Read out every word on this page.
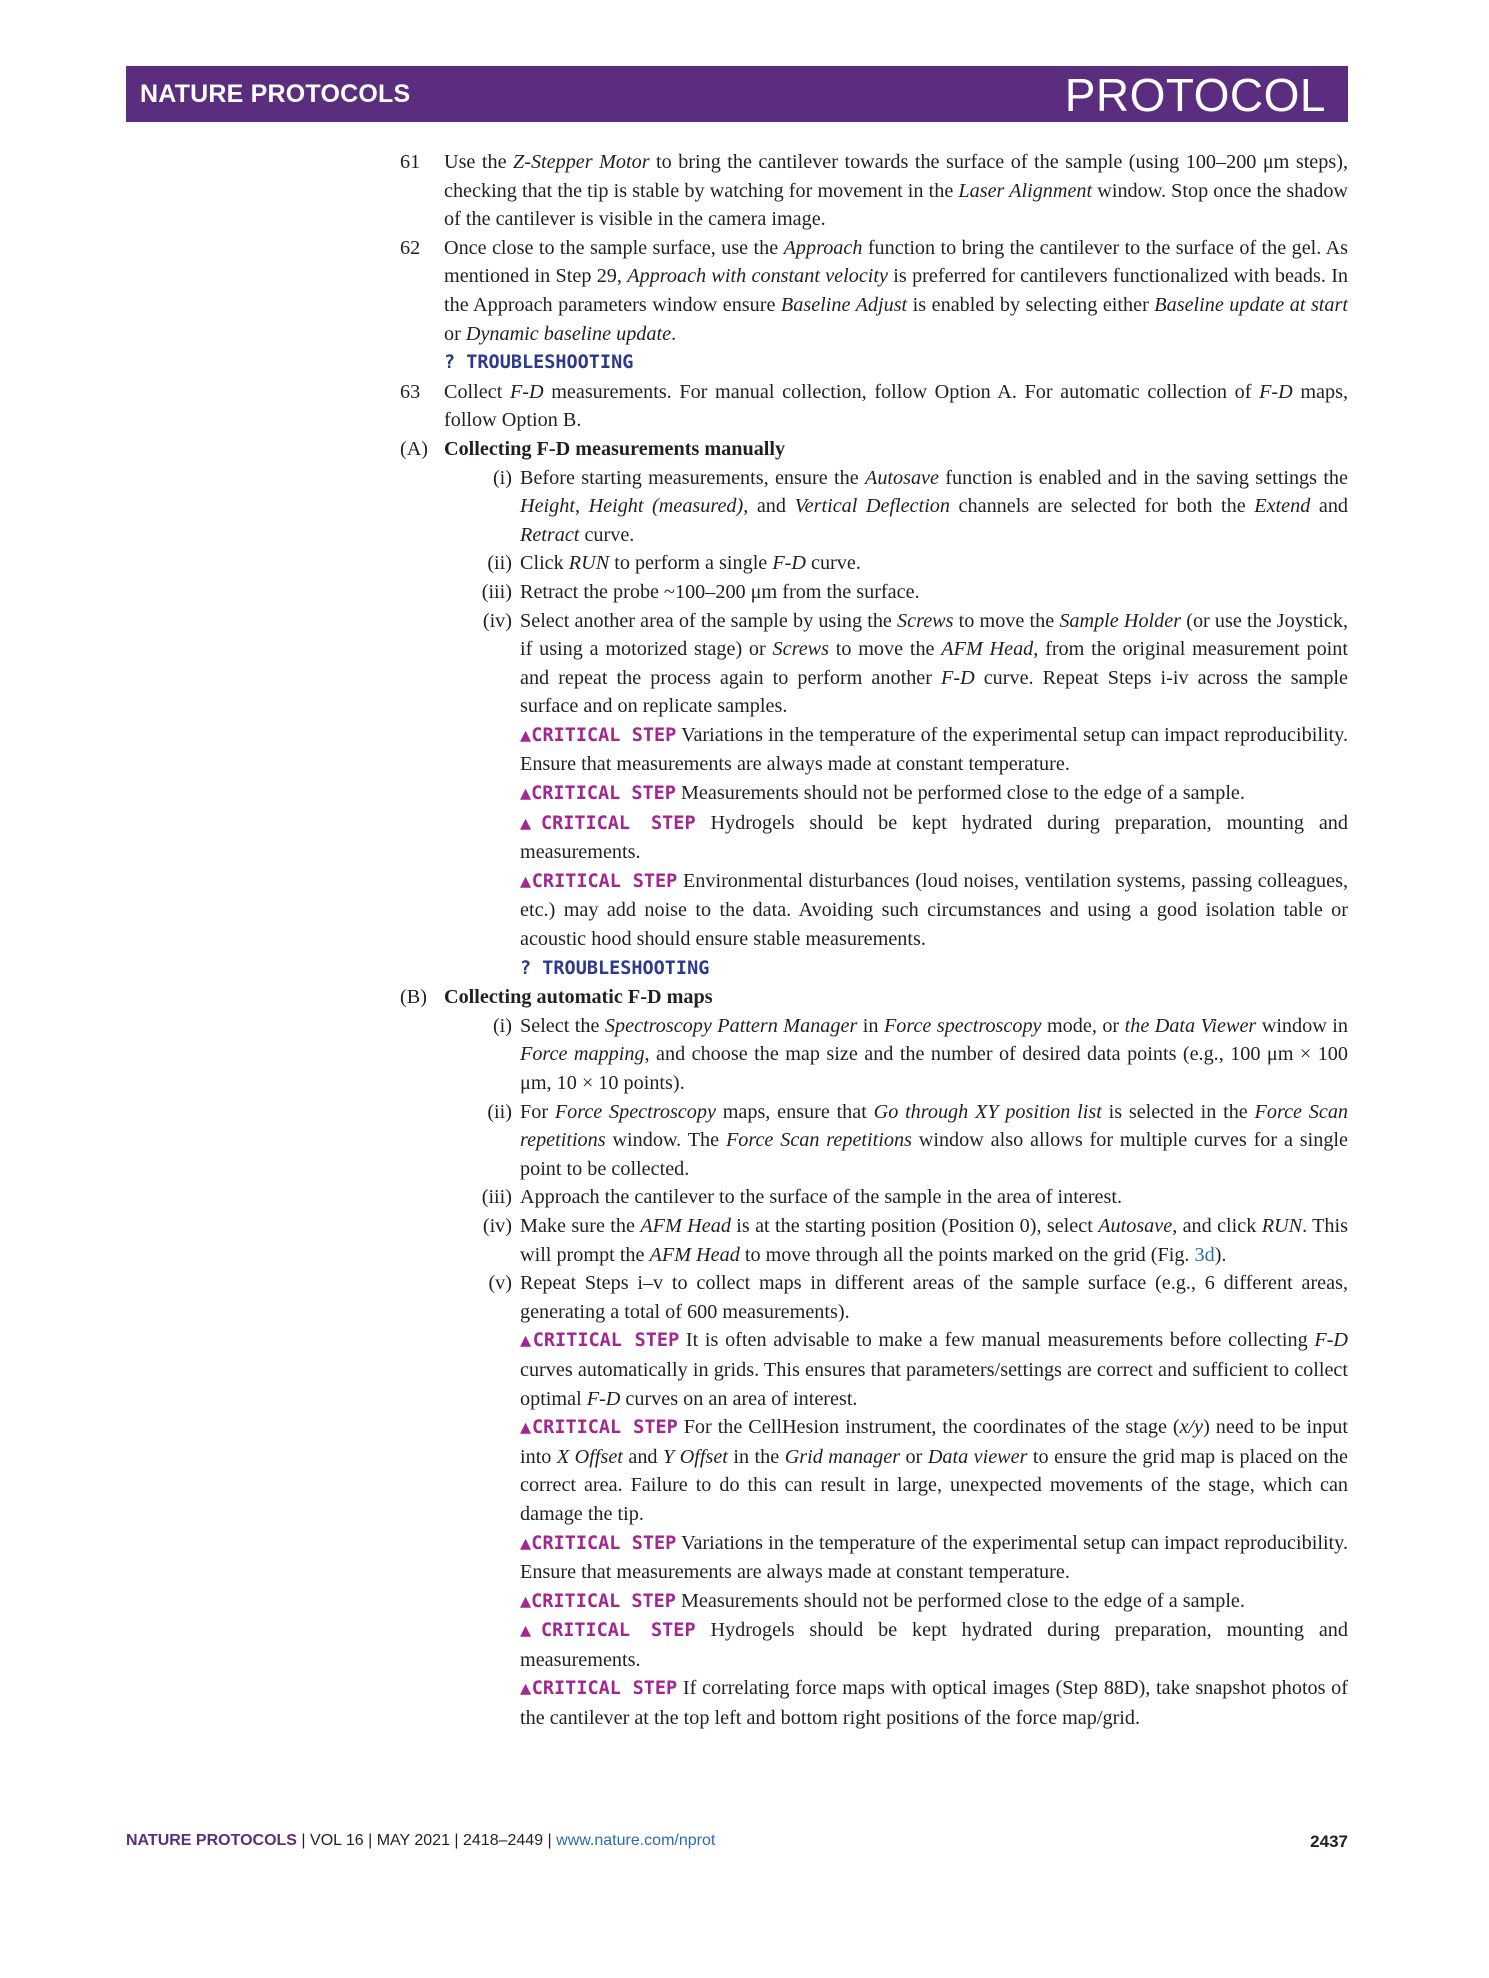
NATURE PROTOCOLS	PROTOCOL
61 Use the Z-Stepper Motor to bring the cantilever towards the surface of the sample (using 100–200 μm steps), checking that the tip is stable by watching for movement in the Laser Alignment window. Stop once the shadow of the cantilever is visible in the camera image.
62 Once close to the sample surface, use the Approach function to bring the cantilever to the surface of the gel. As mentioned in Step 29, Approach with constant velocity is preferred for cantilevers functionalized with beads. In the Approach parameters window ensure Baseline Adjust is enabled by selecting either Baseline update at start or Dynamic baseline update.
? TROUBLESHOOTING
63 Collect F-D measurements. For manual collection, follow Option A. For automatic collection of F-D maps, follow Option B.
(A) Collecting F-D measurements manually
(i) Before starting measurements, ensure the Autosave function is enabled and in the saving settings the Height, Height (measured), and Vertical Deflection channels are selected for both the Extend and Retract curve.
(ii) Click RUN to perform a single F-D curve.
(iii) Retract the probe ~100–200 μm from the surface.
(iv) Select another area of the sample by using the Screws to move the Sample Holder (or use the Joystick, if using a motorized stage) or Screws to move the AFM Head, from the original measurement point and repeat the process again to perform another F-D curve. Repeat Steps i-iv across the sample surface and on replicate samples.
▲CRITICAL STEP Variations in the temperature of the experimental setup can impact reproducibility. Ensure that measurements are always made at constant temperature.
▲CRITICAL STEP Measurements should not be performed close to the edge of a sample.
▲CRITICAL STEP Hydrogels should be kept hydrated during preparation, mounting and measurements.
▲CRITICAL STEP Environmental disturbances (loud noises, ventilation systems, passing colleagues, etc.) may add noise to the data. Avoiding such circumstances and using a good isolation table or acoustic hood should ensure stable measurements.
? TROUBLESHOOTING
(B) Collecting automatic F-D maps
(i) Select the Spectroscopy Pattern Manager in Force spectroscopy mode, or the Data Viewer window in Force mapping, and choose the map size and the number of desired data points (e.g., 100 μm × 100 μm, 10 × 10 points).
(ii) For Force Spectroscopy maps, ensure that Go through XY position list is selected in the Force Scan repetitions window. The Force Scan repetitions window also allows for multiple curves for a single point to be collected.
(iii) Approach the cantilever to the surface of the sample in the area of interest.
(iv) Make sure the AFM Head is at the starting position (Position 0), select Autosave, and click RUN. This will prompt the AFM Head to move through all the points marked on the grid (Fig. 3d).
(v) Repeat Steps i–v to collect maps in different areas of the sample surface (e.g., 6 different areas, generating a total of 600 measurements).
▲CRITICAL STEP It is often advisable to make a few manual measurements before collecting F-D curves automatically in grids. This ensures that parameters/settings are correct and sufficient to collect optimal F-D curves on an area of interest.
▲CRITICAL STEP For the CellHesion instrument, the coordinates of the stage (x/y) need to be input into X Offset and Y Offset in the Grid manager or Data viewer to ensure the grid map is placed on the correct area. Failure to do this can result in large, unexpected movements of the stage, which can damage the tip.
▲CRITICAL STEP Variations in the temperature of the experimental setup can impact reproducibility. Ensure that measurements are always made at constant temperature.
▲CRITICAL STEP Measurements should not be performed close to the edge of a sample.
▲CRITICAL STEP Hydrogels should be kept hydrated during preparation, mounting and measurements.
▲CRITICAL STEP If correlating force maps with optical images (Step 88D), take snapshot photos of the cantilever at the top left and bottom right positions of the force map/grid.
NATURE PROTOCOLS | VOL 16 | MAY 2021 | 2418–2449 | www.nature.com/nprot	2437
